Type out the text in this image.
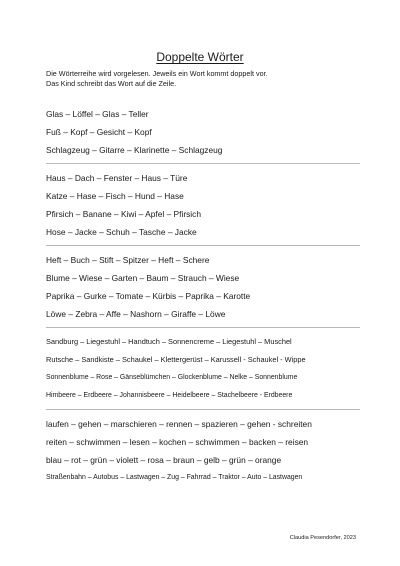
Doppelte Wörter
Die Wörterreihe wird vorgelesen. Jeweils ein Wort kommt doppelt vor.
Das Kind schreibt das Wort auf die Zeile.
Glas – Löffel – Glas – Teller
Fuß – Kopf – Gesicht – Kopf
Schlagzeug – Gitarre – Klarinette – Schlagzeug
Haus – Dach – Fenster – Haus – Türe
Katze – Hase – Fisch – Hund – Hase
Pfirsich – Banane – Kiwi – Apfel – Pfirsich
Hose – Jacke – Schuh – Tasche – Jacke
Heft – Buch – Stift – Spitzer – Heft – Schere
Blume – Wiese – Garten – Baum – Strauch – Wiese
Paprika – Gurke – Tomate – Kürbis – Paprika – Karotte
Löwe – Zebra – Affe – Nashorn – Giraffe – Löwe
Sandburg – Liegestuhl – Handtuch – Sonnencreme – Liegestuhl – Muschel
Rutsche – Sandkiste – Schaukel – Klettergerüst – Karussell - Schaukel - Wippe
Sonnenblume – Rose – Gänseblümchen – Glockenblume – Nelke – Sonnenblume
Himbeere – Erdbeere – Johannisbeere – Heidelbeere – Stachelbeere - Erdbeere
laufen – gehen – marschieren – rennen – spazieren – gehen - schreiten
reiten – schwimmen – lesen – kochen – schwimmen – backen – reisen
blau – rot – grün – violett – rosa – braun – gelb – grün – orange
Straßenbahn – Autobus – Lastwagen – Zug – Fahrrad – Traktor – Auto – Lastwagen
Claudia Pesendorfer, 2023
